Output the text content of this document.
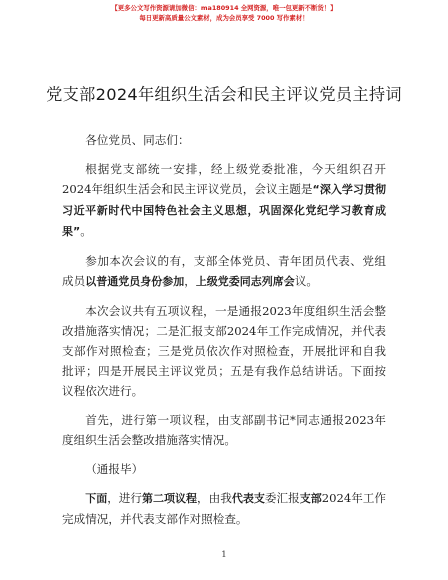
【更多公文写作资源请加微信：ma180914 全网资源，唯一包更新不断货！】
每日更新高质量公文素材，成为会员享受 7000 写作素材！
党支部2024年组织生活会和民主评议党员主持词

各位党员、同志们：

根据党支部统一安排，经上级党委批准，今天组织召开2024年组织生活会和民主评议党员，会议主题是“深入学习贯彻习近平新时代中国特色社会主义思想，巩固深化党纪学习教育成果”。

参加本次会议的有，支部全体党员、青年团员代表、党组成员以普通党员身份参加，上级党委同志列席会议。

本次会议共有五项议程，一是通报2023年度组织生活会整改措施落实情况；二是汇报支部2024年工作完成情况，并代表支部作对照检查；三是党员依次作对照检查，开展批评和自我批评；四是开展民主评议党员；五是有我作总结讲话。下面按议程依次进行。

首先，进行第一项议程，由支部副书记*同志通报2023年度组织生活会整改措施落实情况。

（通报毕）

下面，进行第二项议程，由我代表支委汇报支部2024年工作完成情况，并代表支部作对照检查。

1
